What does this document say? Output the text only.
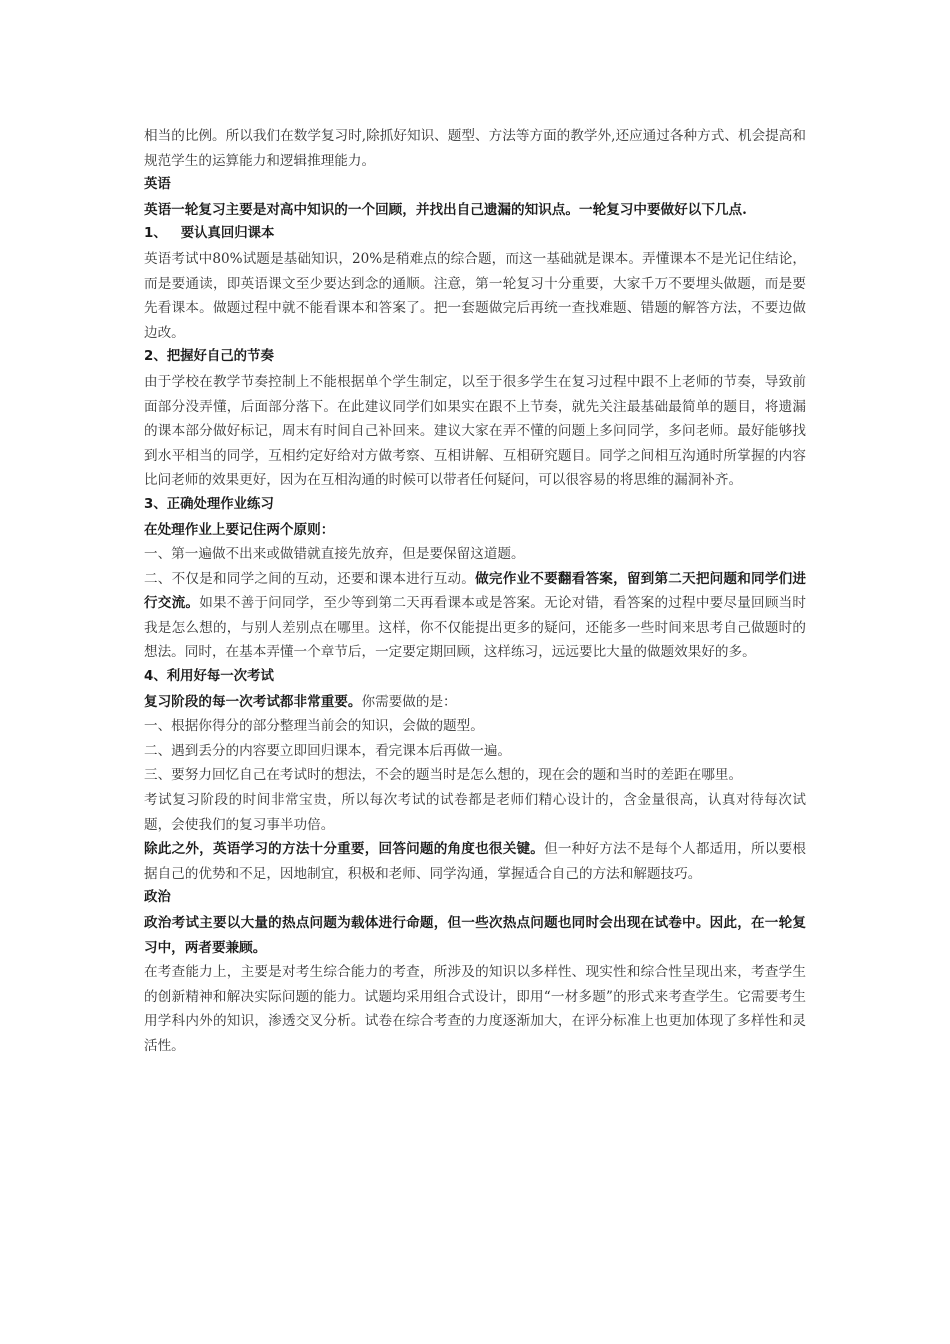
相当的比例。所以我们在数学复习时,除抓好知识、题型、方法等方面的教学外,还应通过各种方式、机会提高和规范学生的运算能力和逻辑推理能力。

英语

英语一轮复习主要是对高中知识的一个回顾，并找出自己遗漏的知识点。一轮复习中要做好以下几点.

1、 要认真回归课本

英语考试中80%试题是基础知识，20%是稍难点的综合题，而这一基础就是课本。弄懂课本不是光记住结论，而是要通读，即英语课文至少要达到念的通顺。注意，第一轮复习十分重要，大家千万不要埋头做题，而是要先看课本。做题过程中就不能看课本和答案了。把一套题做完后再统一查找难题、错题的解答方法，不要边做边改。

2、把握好自己的节奏

由于学校在教学节奏控制上不能根据单个学生制定，以至于很多学生在复习过程中跟不上老师的节奏，导致前面部分没弄懂，后面部分落下。在此建议同学们如果实在跟不上节奏，就先关注最基础最简单的题目，将遗漏的课本部分做好标记，周末有时间自己补回来。建议大家在弄不懂的问题上多问同学，多问老师。最好能够找到水平相当的同学，互相约定好给对方做考察、互相讲解、互相研究题目。同学之间相互沟通时所掌握的内容比问老师的效果更好，因为在互相沟通的时候可以带者任何疑问，可以很容易的将思维的漏洞补齐。

3、正确处理作业练习

在处理作业上要记住两个原则：

一、第一遍做不出来或做错就直接先放弃，但是要保留这道题。

二、不仅是和同学之间的互动，还要和课本进行互动。做完作业不要翻看答案，留到第二天把问题和同学们进行交流。如果不善于问同学，至少等到第二天再看课本或是答案。无论对错，看答案的过程中要尽量回顾当时我是怎么想的，与别人差别点在哪里。这样，你不仅能提出更多的疑问，还能多一些时间来思考自己做题时的想法。同时，在基本弄懂一个章节后，一定要定期回顾，这样练习，远远要比大量的做题效果好的多。

4、利用好每一次考试

复习阶段的每一次考试都非常重要。你需要做的是：

一、根据你得分的部分整理当前会的知识，会做的题型。

二、遇到丢分的内容要立即回归课本，看完课本后再做一遍。

三、要努力回忆自己在考试时的想法，不会的题当时是怎么想的，现在会的题和当时的差距在哪里。

考试复习阶段的时间非常宝贵，所以每次考试的试卷都是老师们精心设计的，含金量很高，认真对待每次试题，会使我们的复习事半功倍。

除此之外，英语学习的方法十分重要，回答问题的角度也很关键。但一种好方法不是每个人都适用，所以要根据自己的优势和不足，因地制宜，积极和老师、同学沟通，掌握适合自己的方法和解题技巧。

政治

政治考试主要以大量的热点问题为载体进行命题，但一些次热点问题也同时会出现在试卷中。因此，在一轮复习中，两者要兼顾。

在考查能力上，主要是对考生综合能力的考查，所涉及的知识以多样性、现实性和综合性呈现出来，考查学生的创新精神和解决实际问题的能力。试题均采用组合式设计，即用“一材多题”的形式来考查学生。它需要考生用学科内外的知识，渗透交叉分析。试卷在综合考查的力度逐渐加大，在评分标准上也更加体现了多样性和灵活性。
